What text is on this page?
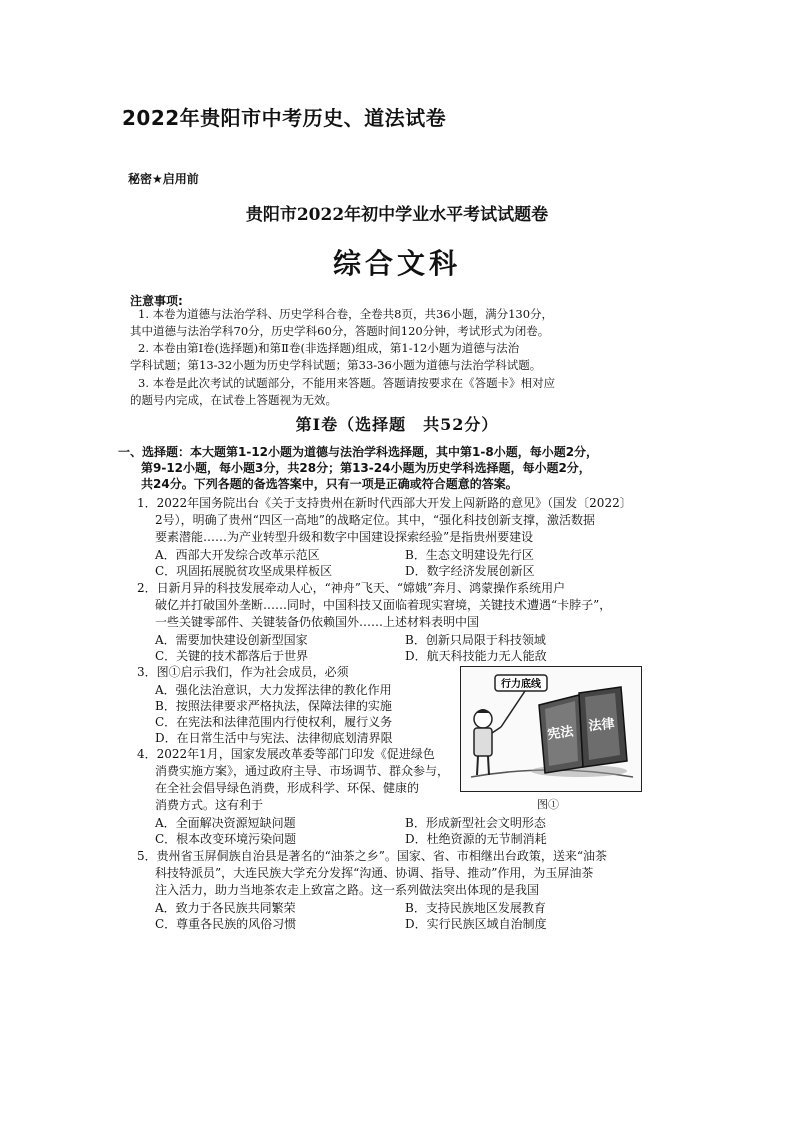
2022年贵阳市中考历史、道法试卷
秘密★启用前
贵阳市2022年初中学业水平考试试题卷
综合文科
注意事项:
1. 本卷为道德与法治学科、历史学科合卷，全卷共8页，共36小题，满分130分，
其中道德与法治学科70分，历史学科60分，答题时间120分钟，考试形式为闭卷。
2. 本卷由第Ⅰ卷(选择题)和第Ⅱ卷(非选择题)组成，第1-12小题为道德与法治
学科试题；第13-32小题为历史学科试题；第33-36小题为道德与法治学科试题。
3. 本卷是此次考试的试题部分，不能用来答题。答题请按要求在《答题卡》相对应
的题号内完成，在试卷上答题视为无效。
第Ⅰ卷（选择题　共52分）
一、选择题：本大题第1-12小题为道德与法治学科选择题，其中第1-8小题，每小题2分，
第9-12小题，每小题3分，共28分；第13-24小题为历史学科选择题，每小题2分，
共24分。下列各题的备选答案中，只有一项是正确或符合题意的答案。
1．2022年国务院出台《关于支持贵州在新时代西部大开发上闯新路的意见》（国发〔2022〕
2号），明确了贵州“四区一高地”的战略定位。其中，“强化科技创新支撑，激活数据
要素潜能……为产业转型升级和数字中国建设探索经验”是指贵州要建设
A．西部大开发综合改革示范区	B．生态文明建设先行区
C．巩固拓展脱贫攻坚成果样板区	D．数字经济发展创新区
2．日新月异的科技发展牵动人心，“神舟”飞天、“嫦娥”奔月、鸿蒙操作系统用户
破亿并打破国外垄断……同时，中国科技又面临着现实窘境，关键技术遭遇“卡脖子”，
一些关键零部件、关键装备仍依赖国外……上述材料表明中国
A．需要加快建设创新型国家	B．创新只局限于科技领域
C．关键的技术都落后于世界	D．航天科技能力无人能敌
3．图①启示我们，作为社会成员，必须
A．强化法治意识，大力发挥法律的教化作用
B．按照法律要求严格执法，保障法律的实施
C．在宪法和法律范围内行使权利，履行义务
D．在日常生活中与宪法、法律彻底划清界限
行力底线
宪法 法律
图①
4．2022年1月，国家发展改革委等部门印发《促进绿色
消费实施方案》，通过政府主导、市场调节、群众参与，
在全社会倡导绿色消费，形成科学、环保、健康的
消费方式。这有利于
A．全面解决资源短缺问题	B．形成新型社会文明形态
C．根本改变环境污染问题	D．杜绝资源的无节制消耗
5．贵州省玉屏侗族自治县是著名的“油茶之乡”。国家、省、市相继出台政策，送来“油茶
科技特派员”，大连民族大学充分发挥“沟通、协调、指导、推动”作用，为玉屏油茶
注入活力，助力当地茶农走上致富之路。这一系列做法突出体现的是我国
A．致力于各民族共同繁荣	B．支持民族地区发展教育
C．尊重各民族的风俗习惯	D．实行民族区域自治制度
